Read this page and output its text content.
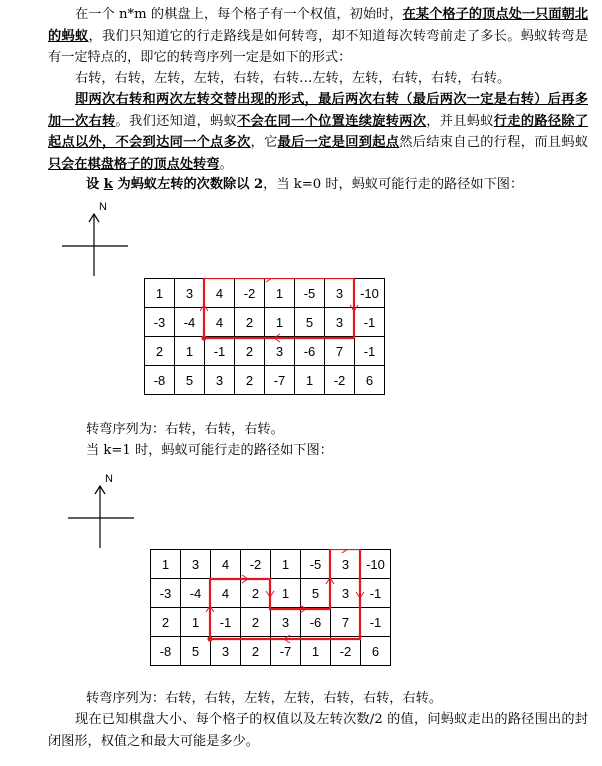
在一个 n*m 的棋盘上，每个格子有一个权值，初始时，在某个格子的顶点处一只面朝北的蚂蚁，我们只知道它的行走路线是如何转弯，却不知道每次转弯前走了多长。蚂蚁转弯是有一定特点的，即它的转弯序列一定是如下的形式：

右转，右转，左转，左转，右转，右转…左转，左转，右转，右转，右转。

即两次右转和两次左转交替出现的形式，最后两次右转（最后两次一定是右转）后再多加一次右转。我们还知道，蚂蚁不会在同一个位置连续旋转两次，并且蚂蚁行走的路径除了起点以外，不会到达同一个点多次，它最后一定是回到起点然后结束自己的行程，而且蚂蚁只会在棋盘格子的顶点处转弯。

设 k 为蚂蚁左转的次数除以 2，当 k=0 时，蚂蚁可能行走的路径如下图：

N
1	3	4	-2	1	-5	3	-10
-3	-4	4	2	1	5	3	-1
2	1	-1	2	3	-6	7	-1
-8	5	3	2	-7	1	-2	6
转弯序列为：右转，右转，右转。
当 k=1 时，蚂蚁可能行走的路径如下图：
N
1	3	4	-2	1	-5	3	-10
-3	-4	4	2	1	5	3	-1
2	1	-1	2	3	-6	7	-1
-8	5	3	2	-7	1	-2	6
转弯序列为：右转，右转，左转，左转，右转，右转，右转。

现在已知棋盘大小、每个格子的权值以及左转次数/2 的值，问蚂蚁走出的路径围出的封闭图形，权值之和最大可能是多少。
